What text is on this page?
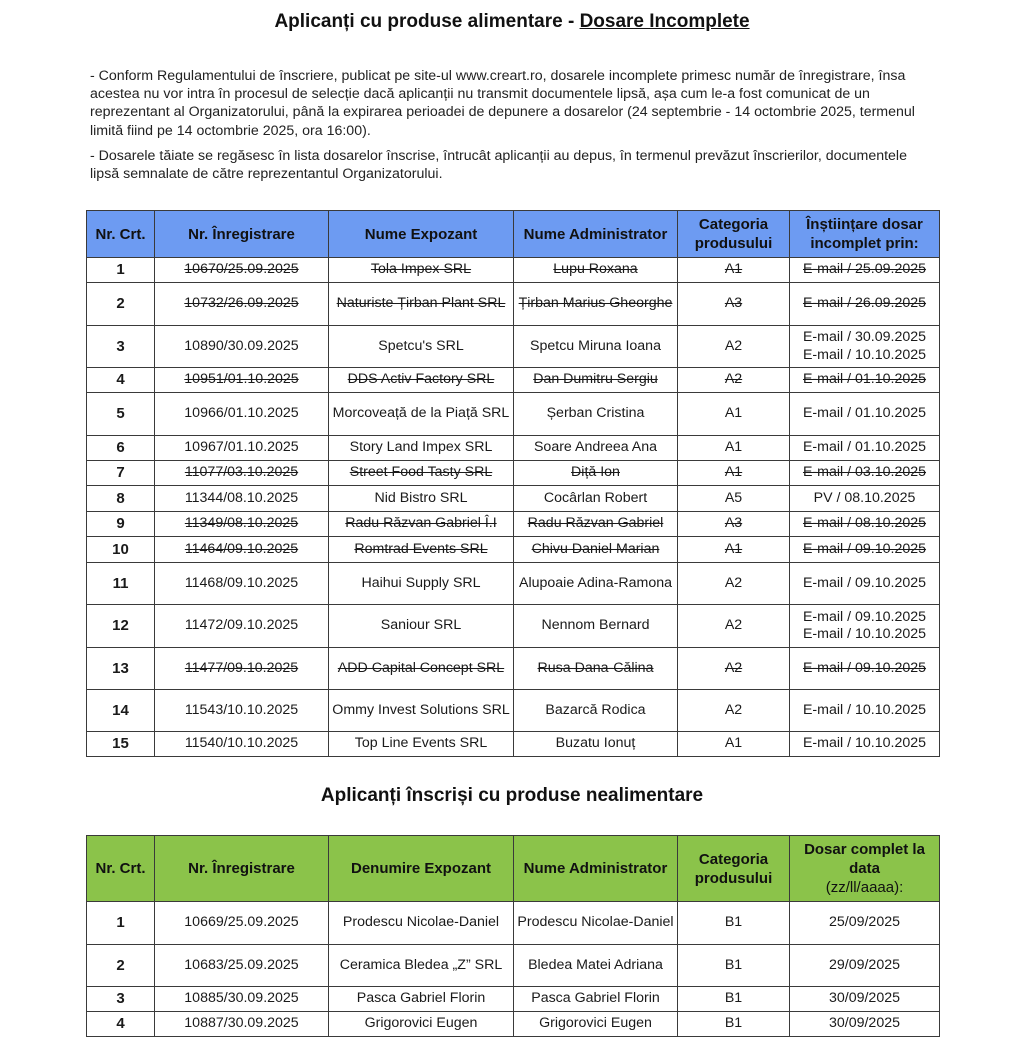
Aplicanți cu produse alimentare - Dosare Incomplete

- Conform Regulamentului de înscriere, publicat pe site-ul www.creart.ro, dosarele incomplete primesc număr de înregistrare, însa acestea nu vor intra în procesul de selecție dacă aplicanții nu transmit documentele lipsă, așa cum le-a fost comunicat de un reprezentant al Organizatorului, până la expirarea perioadei de depunere a dosarelor (24 septembrie - 14 octombrie 2025, termenul limită fiind pe 14 octombrie 2025, ora 16:00).

- Dosarele tăiate se regăsesc în lista dosarelor înscrise, întrucât aplicanții au depus, în termenul prevăzut înscrierilor, documentele lipsă semnalate de către reprezentantul Organizatorului.

Nr. Crt.	Nr. Înregistrare	Nume Expozant	Nume Administrator	Categoria produsului	Înștiințare dosar incomplet prin:
1	10670/25.09.2025	Tola Impex SRL	Lupu Roxana	A1	E-mail / 25.09.2025
2	10732/26.09.2025	Naturiste Țirban Plant SRL	Țirban Marius Gheorghe	A3	E-mail / 26.09.2025
3	10890/30.09.2025	Spetcu's SRL	Spetcu Miruna Ioana	A2	E-mail / 30.09.2025
E-mail / 10.10.2025
4	10951/01.10.2025	DDS Activ Factory SRL	Dan Dumitru Sergiu	A2	E-mail / 01.10.2025
5	10966/01.10.2025	Morcoveață de la Piață SRL	Șerban Cristina	A1	E-mail / 01.10.2025
6	10967/01.10.2025	Story Land Impex SRL	Soare Andreea Ana	A1	E-mail / 01.10.2025
7	11077/03.10.2025	Street Food Tasty SRL	Diță Ion	A1	E-mail / 03.10.2025
8	11344/08.10.2025	Nid Bistro SRL	Cocârlan Robert	A5	PV / 08.10.2025
9	11349/08.10.2025	Radu Răzvan Gabriel Î.I	Radu Răzvan Gabriel	A3	E-mail / 08.10.2025
10	11464/09.10.2025	Romtrad Events SRL	Chivu Daniel Marian	A1	E-mail / 09.10.2025
11	11468/09.10.2025	Haihui Supply SRL	Alupoaie Adina-Ramona	A2	E-mail / 09.10.2025
12	11472/09.10.2025	Saniour SRL	Nennom Bernard	A2	E-mail / 09.10.2025
E-mail / 10.10.2025
13	11477/09.10.2025	ADD Capital Concept SRL	Rusa Dana-Călina	A2	E-mail / 09.10.2025
14	11543/10.10.2025	Ommy Invest Solutions SRL	Bazarcă Rodica	A2	E-mail / 10.10.2025
15	11540/10.10.2025	Top Line Events SRL	Buzatu Ionuț	A1	E-mail / 10.10.2025
Aplicanți înscriși cu produse nealimentare
Nr. Crt.	Nr. Înregistrare	Denumire Expozant	Nume Administrator	Categoria produsului	Dosar complet la data
(zz/ll/aaaa):
1	10669/25.09.2025	Prodescu Nicolae-Daniel	Prodescu Nicolae-Daniel	B1	25/09/2025
2	10683/25.09.2025	Ceramica Bledea „Z” SRL	Bledea Matei Adriana	B1	29/09/2025
3	10885/30.09.2025	Pasca Gabriel Florin	Pasca Gabriel Florin	B1	30/09/2025
4	10887/30.09.2025	Grigorovici Eugen	Grigorovici Eugen	B1	30/09/2025
